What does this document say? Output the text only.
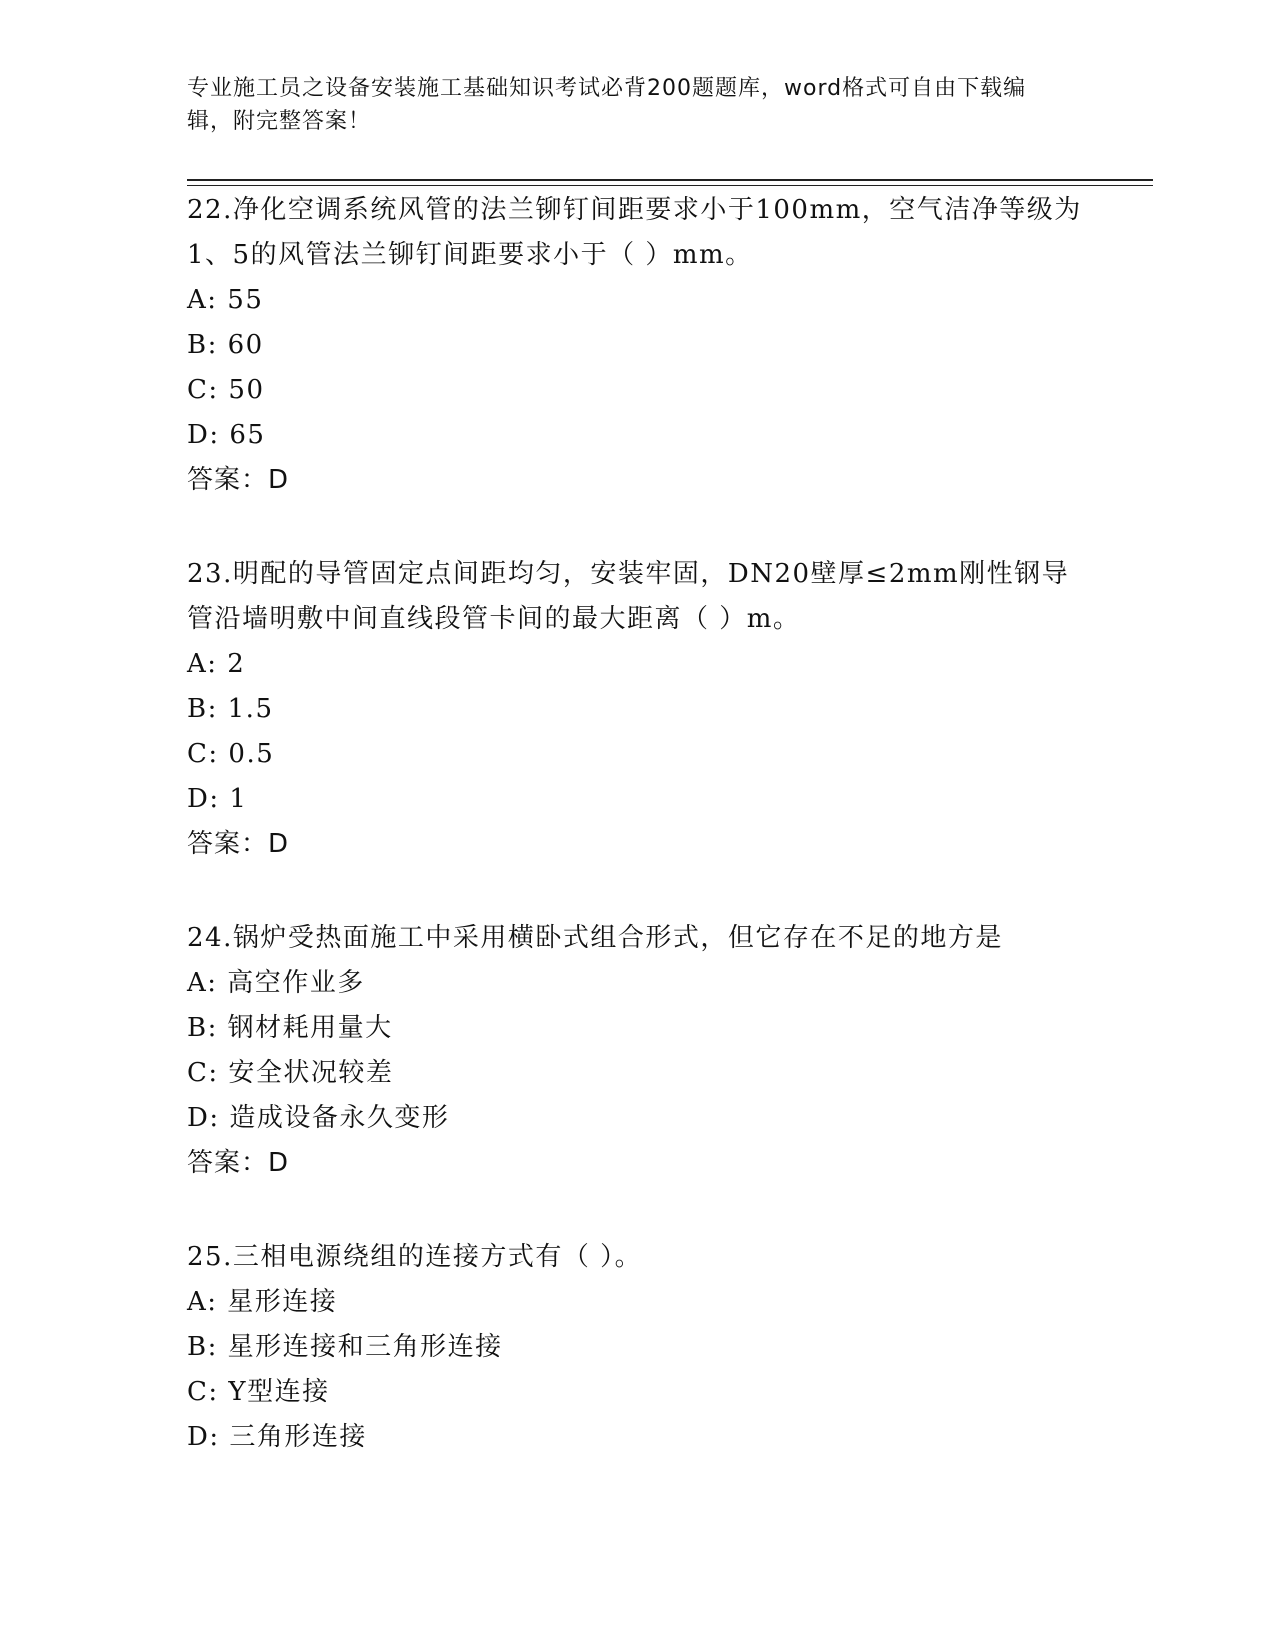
专业施工员之设备安装施工基础知识考试必背200题题库，word格式可自由下载编辑，附完整答案！
22.净化空调系统风管的法兰铆钉间距要求小于100mm，空气洁净等级为1、5的风管法兰铆钉间距要求小于（ ）mm。
A: 55
B: 60
C: 50
D: 65
答案：D
23.明配的导管固定点间距均匀，安装牢固，DN20壁厚≤2mm刚性钢导管沿墙明敷中间直线段管卡间的最大距离（ ）m。
A: 2
B: 1.5
C: 0.5
D: 1
答案：D
24.锅炉受热面施工中采用横卧式组合形式，但它存在不足的地方是
A: 高空作业多
B: 钢材耗用量大
C: 安全状况较差
D: 造成设备永久变形
答案：D
25.三相电源绕组的连接方式有（ ）。
A: 星形连接
B: 星形连接和三角形连接
C: Y型连接
D: 三角形连接
